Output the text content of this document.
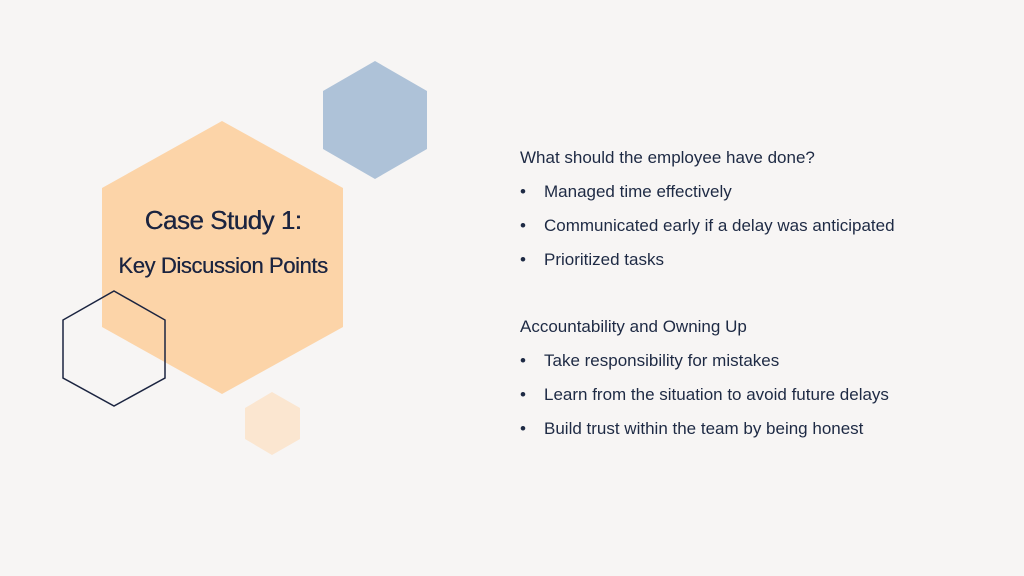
Case Study 1:
Key Discussion Points
What should the employee have done?
• Managed time effectively
• Communicated early if a delay was anticipated
• Prioritized tasks
Accountability and Owning Up
• Take responsibility for mistakes
• Learn from the situation to avoid future delays
• Build trust within the team by being honest
